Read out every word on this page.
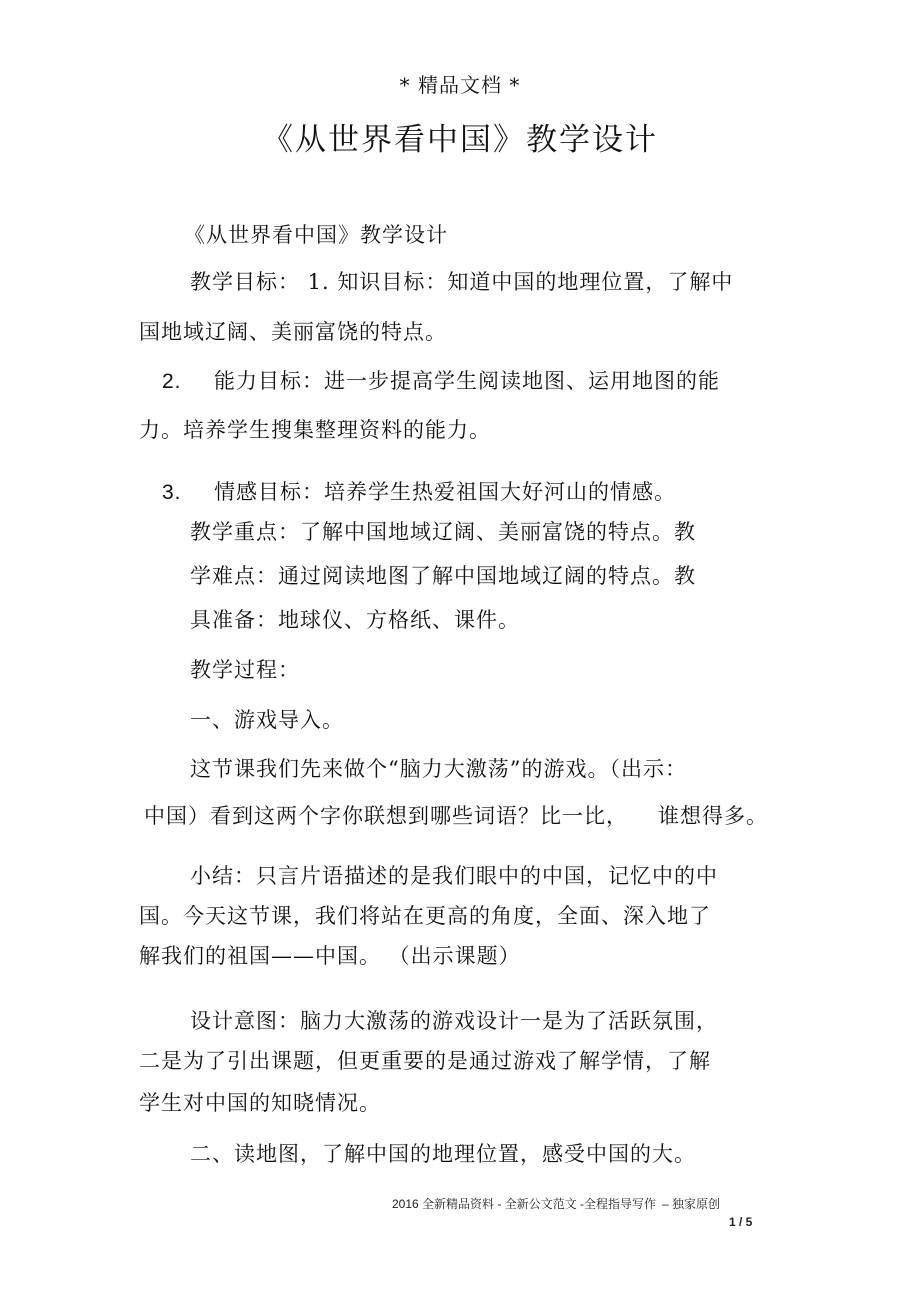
* 精品文档 *
《从世界看中国》教学设计
《从世界看中国》教学设计
教学目标： 1. 知识目标：知道中国的地理位置，了解中
国地域辽阔、美丽富饶的特点。
2. 能力目标：进一步提高学生阅读地图、运用地图的能
力。培养学生搜集整理资料的能力。
3. 情感目标：培养学生热爱祖国大好河山的情感。
教学重点：了解中国地域辽阔、美丽富饶的特点。教
学难点：通过阅读地图了解中国地域辽阔的特点。教
具准备：地球仪、方格纸、课件。
教学过程：
一、游戏导入。
这节课我们先来做个“脑力大激荡”的游戏。（出示：
中国）看到这两个字你联想到哪些词语？比一比， 谁想得多。
小结：只言片语描述的是我们眼中的中国，记忆中的中
国。今天这节课，我们将站在更高的角度，全面、深入地了
解我们的祖国——中国。 （出示课题）
设计意图：脑力大激荡的游戏设计一是为了活跃氛围，
二是为了引出课题，但更重要的是通过游戏了解学情，了解
学生对中国的知晓情况。
二、读地图，了解中国的地理位置，感受中国的大。
2016 全新精品资料 - 全新公文范文 -全程指导写作 – 独家原创
1 / 5
